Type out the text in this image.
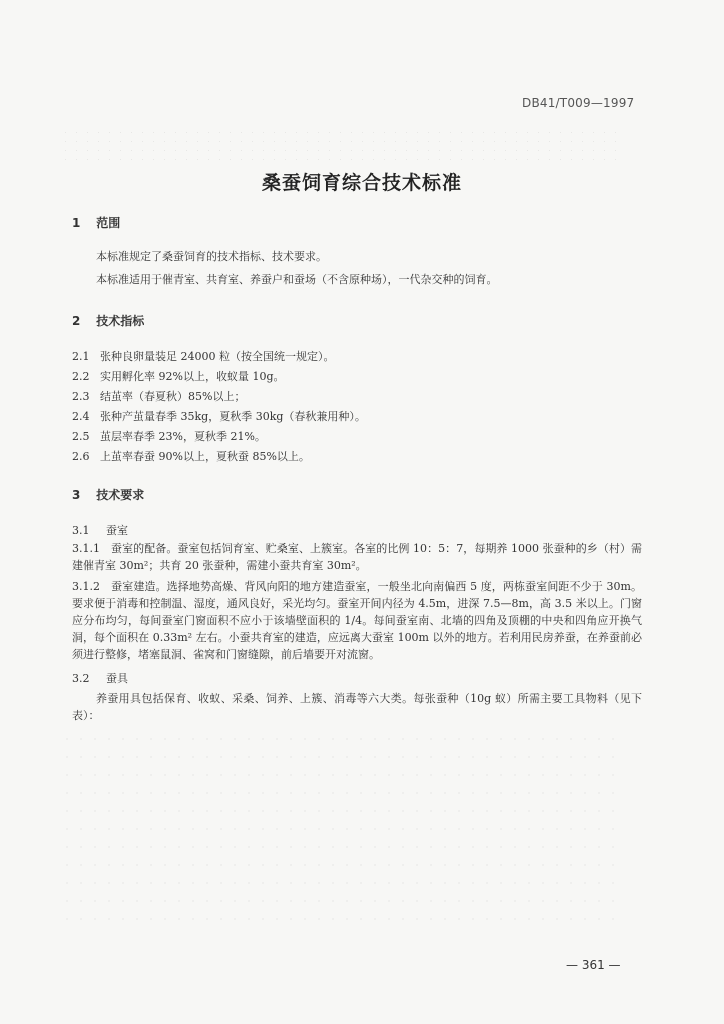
DB41/T009—1997
桑蚕饲育综合技术标准
1 范围
本标准规定了桑蚕饲育的技术指标、技术要求。
本标准适用于催青室、共育室、养蚕户和蚕场（不含原种场），一代杂交种的饲育。
2 技术指标
2.1 张种良卵量装足 24000 粒（按全国统一规定）。
2.2 实用孵化率 92%以上，收蚁量 10g。
2.3 结茧率（春夏秋）85%以上；
2.4 张种产茧量春季 35kg，夏秋季 30kg（春秋兼用种）。
2.5 茧层率春季 23%，夏秋季 21%。
2.6 上茧率春蚕 90%以上，夏秋蚕 85%以上。
3 技术要求
3.1 蚕室
3.1.1  蚕室的配备。蚕室包括饲育室、贮桑室、上簇室。各室的比例 10：5：7，每期养 1000 张蚕种的乡（村）需建催青室 30m²；共育 20 张蚕种，需建小蚕共育室 30m²。
3.1.2  蚕室建造。选择地势高燥、背风向阳的地方建造蚕室，一般坐北向南偏西 5 度，两栋蚕室间距不少于 30m。要求便于消毒和控制温、湿度，通风良好，采光均匀。蚕室开间内径为 4.5m，进深 7.5—8m，高 3.5 米以上。门窗应分布均匀，每间蚕室门窗面积不应小于该墙壁面积的 1/4。每间蚕室南、北墙的四角及顶棚的中央和四角应开换气洞，每个面积在 0.33m² 左右。小蚕共育室的建造，应远离大蚕室 100m 以外的地方。若利用民房养蚕，在养蚕前必须进行整修，堵塞鼠洞、雀窝和门窗缝隙，前后墙要开对流窗。
3.2 蚕具
养蚕用具包括保育、收蚁、采桑、饲养、上簇、消毒等六大类。每张蚕种（10g 蚁）所需主要工具物料（见下表）：
— 361 —
